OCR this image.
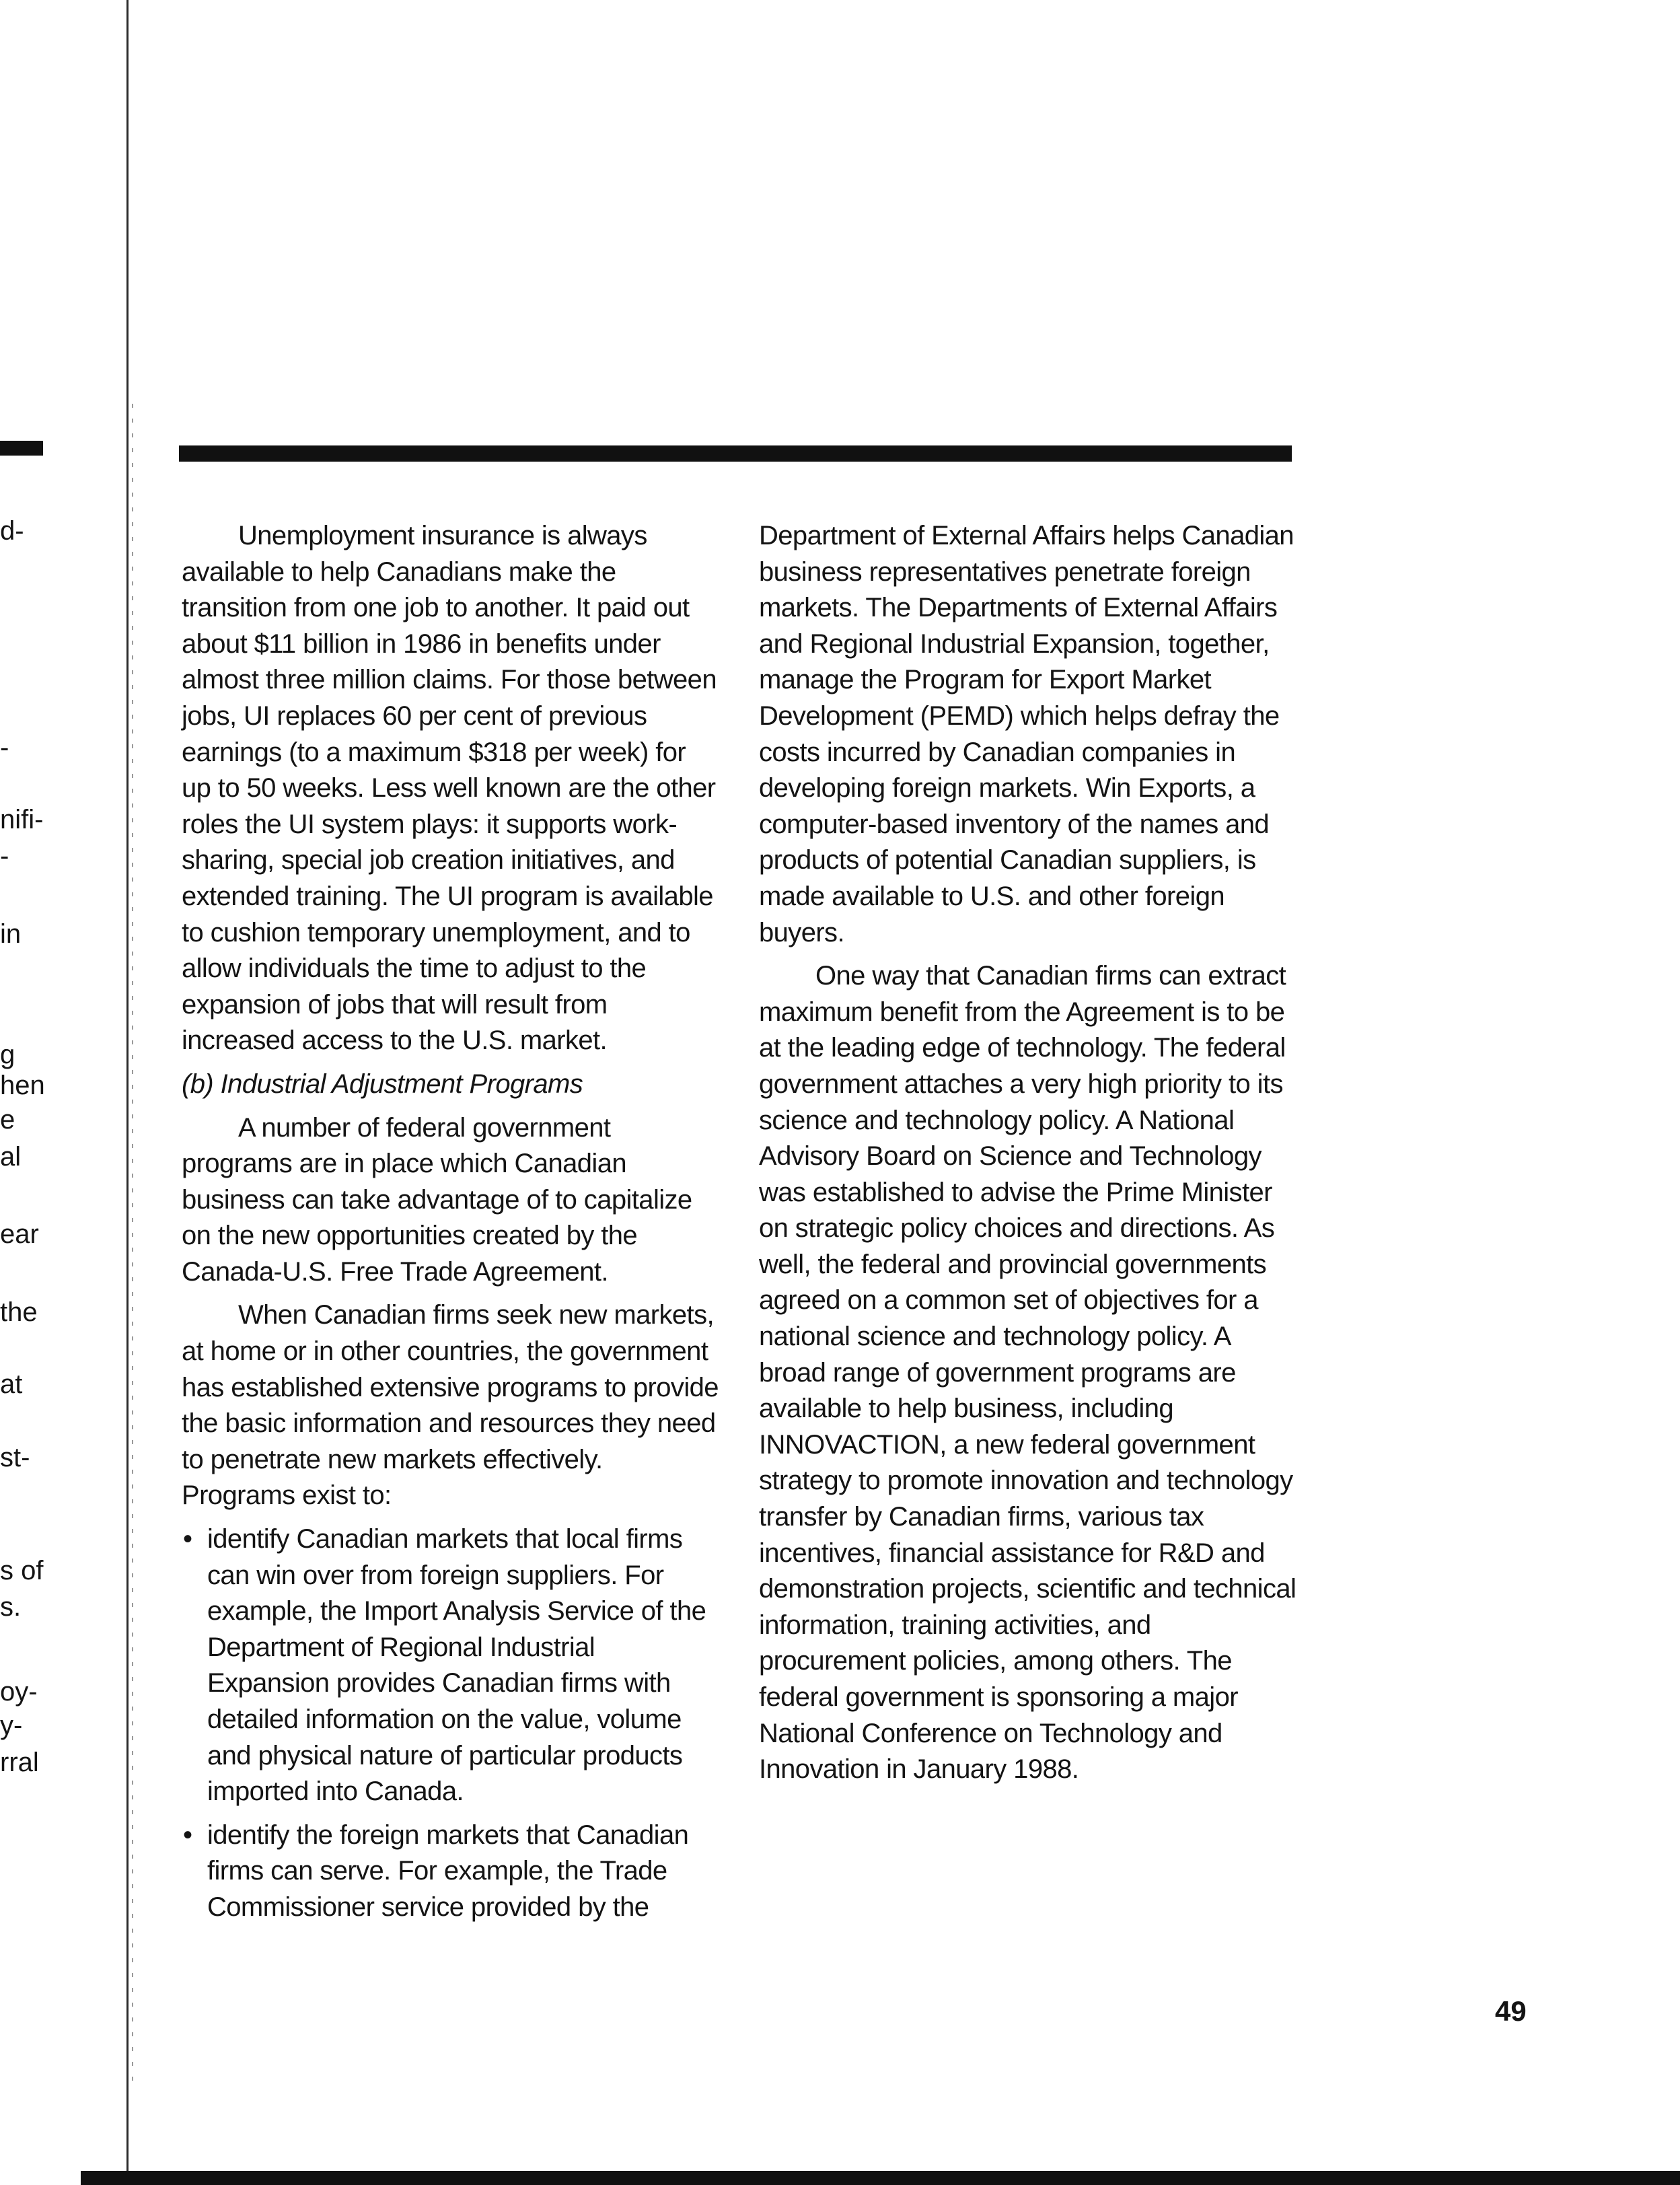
d-
-
nifi-
-
in
g
hen
e
al
ear
the
at
st-
s of
s.
oy-
y-
rral

Unemployment insurance is always available to help Canadians make the transition from one job to another. It paid out about $11 billion in 1986 in benefits under almost three million claims. For those between jobs, UI replaces 60 per cent of previous earnings (to a maximum $318 per week) for up to 50 weeks. Less well known are the other roles the UI system plays: it supports work-sharing, special job creation initiatives, and extended training. The UI program is available to cushion temporary unemployment, and to allow individuals the time to adjust to the expansion of jobs that will result from increased access to the U.S. market.

(b) Industrial Adjustment Programs

A number of federal government programs are in place which Canadian business can take advantage of to capitalize on the new opportunities created by the Canada-U.S. Free Trade Agreement.

When Canadian firms seek new markets, at home or in other countries, the government has established extensive programs to provide the basic information and resources they need to penetrate new markets effectively. Programs exist to:

• identify Canadian markets that local firms can win over from foreign suppliers. For example, the Import Analysis Service of the Department of Regional Industrial Expansion provides Canadian firms with detailed information on the value, volume and physical nature of particular products imported into Canada.
• identify the foreign markets that Canadian firms can serve. For example, the Trade Commissioner service provided by the

Department of External Affairs helps Canadian business representatives penetrate foreign markets. The Departments of External Affairs and Regional Industrial Expansion, together, manage the Program for Export Market Development (PEMD) which helps defray the costs incurred by Canadian companies in developing foreign markets. Win Exports, a computer-based inventory of the names and products of potential Canadian suppliers, is made available to U.S. and other foreign buyers.

One way that Canadian firms can extract maximum benefit from the Agreement is to be at the leading edge of technology. The federal government attaches a very high priority to its science and technology policy. A National Advisory Board on Science and Technology was established to advise the Prime Minister on strategic policy choices and directions. As well, the federal and provincial governments agreed on a common set of objectives for a national science and technology policy. A broad range of government programs are available to help business, including INNOVACTION, a new federal government strategy to promote innovation and technology transfer by Canadian firms, various tax incentives, financial assistance for R&D and demonstration projects, scientific and technical information, training activities, and procurement policies, among others. The federal government is sponsoring a major National Conference on Technology and Innovation in January 1988.

49
